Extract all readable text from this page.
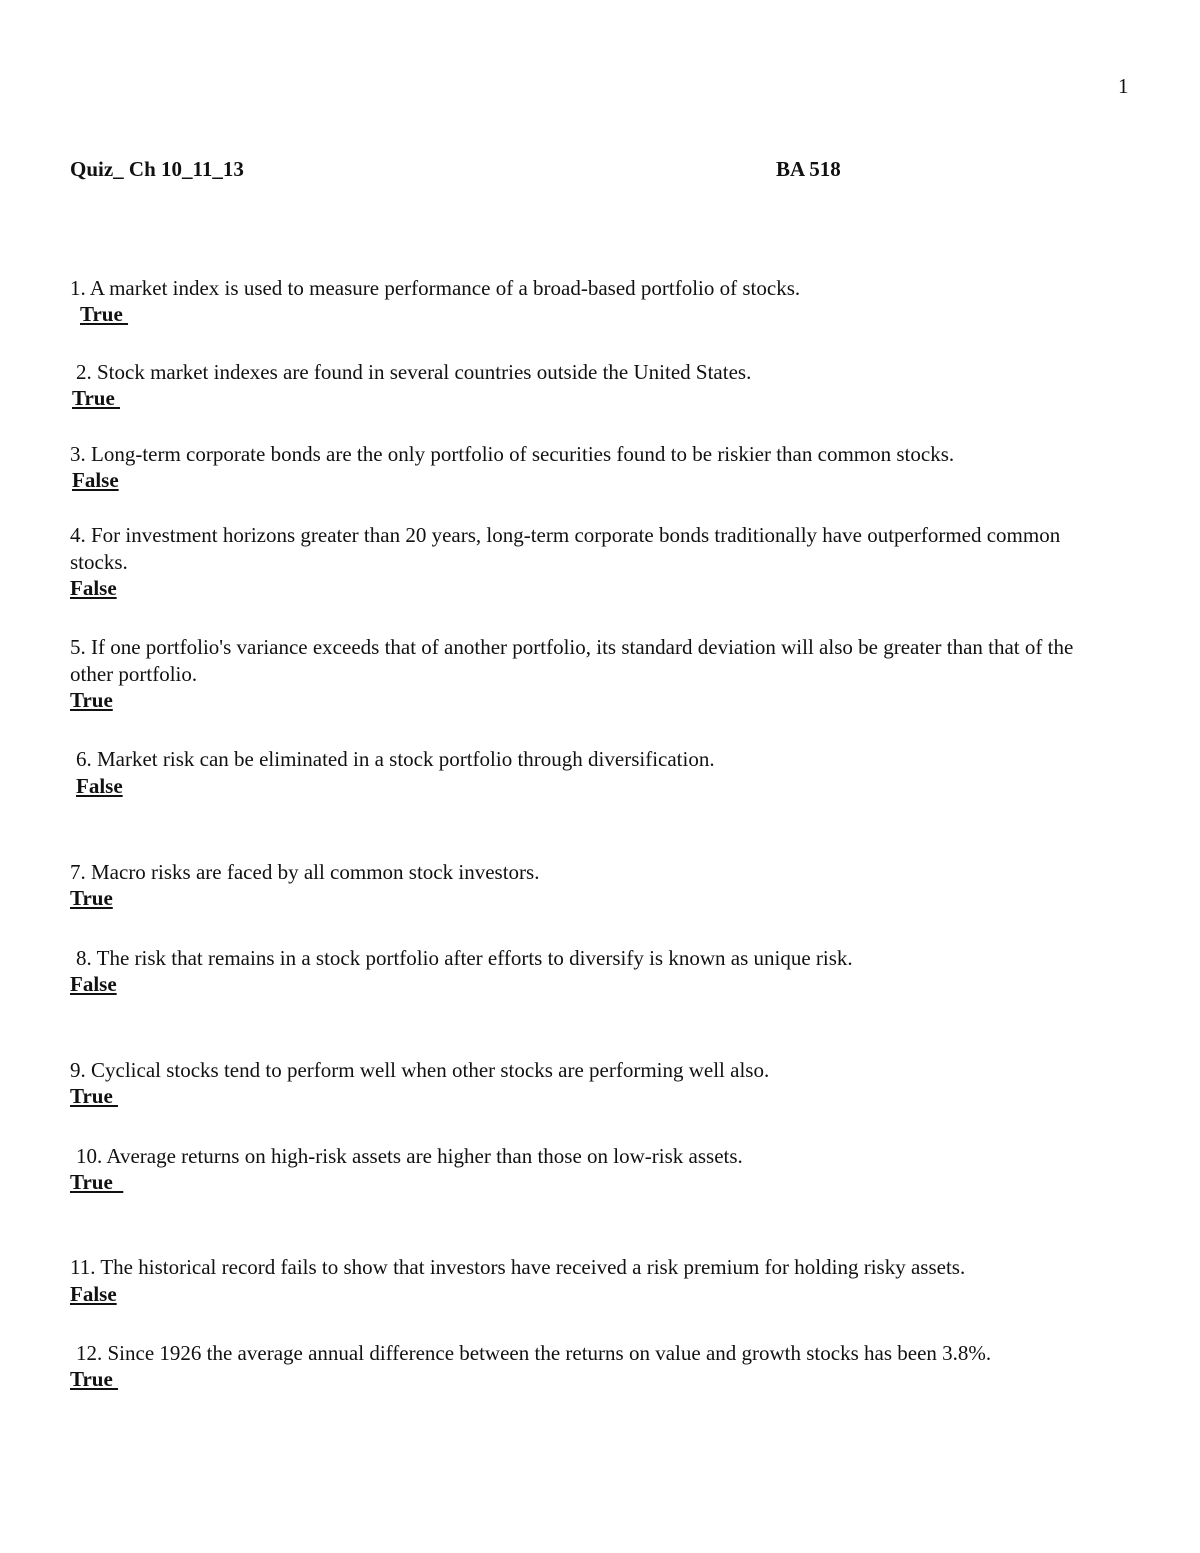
1
Quiz_ Ch 10_11_13	BA 518
1. A market index is used to measure performance of a broad-based portfolio of stocks.
True
2. Stock market indexes are found in several countries outside the United States.
True
3. Long-term corporate bonds are the only portfolio of securities found to be riskier than common stocks.
False
4. For investment horizons greater than 20 years, long-term corporate bonds traditionally have outperformed common stocks.
False
5. If one portfolio's variance exceeds that of another portfolio, its standard deviation will also be greater than that of the other portfolio.
True
6. Market risk can be eliminated in a stock portfolio through diversification.
False
7. Macro risks are faced by all common stock investors.
True
8. The risk that remains in a stock portfolio after efforts to diversify is known as unique risk.
False
9. Cyclical stocks tend to perform well when other stocks are performing well also.
True
10. Average returns on high-risk assets are higher than those on low-risk assets.
True
11. The historical record fails to show that investors have received a risk premium for holding risky assets.
False
12. Since 1926 the average annual difference between the returns on value and growth stocks has been 3.8%.
True
